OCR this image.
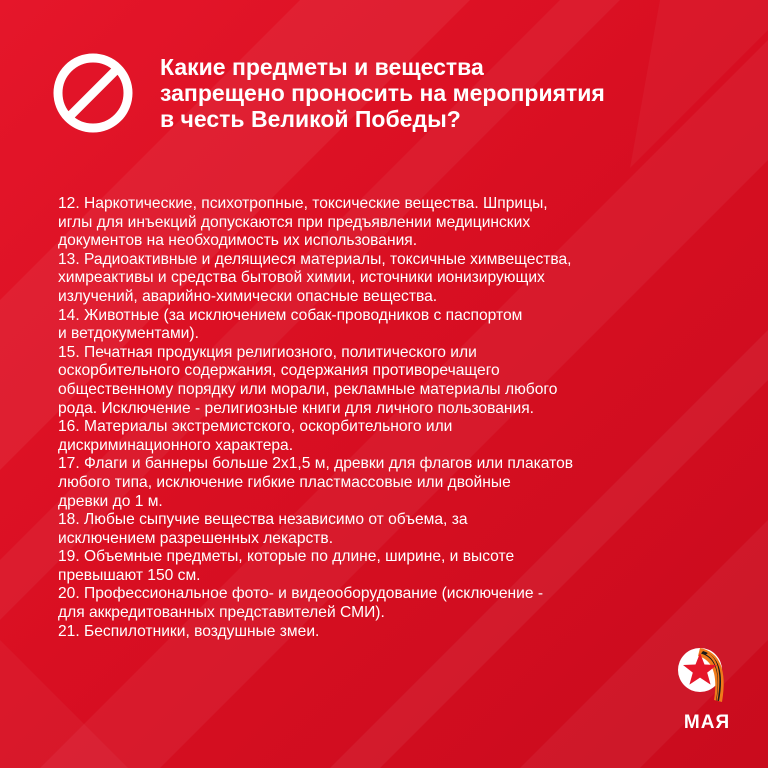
Какие предметы и вещества
запрещено проносить на мероприятия
в честь Великой Победы?
12. Наркотические, психотропные, токсические вещества. Шприцы,
иглы для инъекций допускаются при предъявлении медицинских
документов на необходимость их использования.
13. Радиоактивные и делящиеся материалы, токсичные химвещества,
химреактивы и средства бытовой химии, источники ионизирующих
излучений, аварийно-химически опасные вещества.
14. Животные (за исключением собак-проводников с паспортом
и ветдокументами).
15. Печатная продукция религиозного, политического или
оскорбительного содержания, содержания противоречащего
общественному порядку или морали, рекламные материалы любого
рода. Исключение - религиозные книги для личного пользования.
16. Материалы экстремистского, оскорбительного или
дискриминационного характера.
17. Флаги и баннеры больше 2х1,5 м, древки для флагов или плакатов
любого типа, исключение гибкие пластмассовые или двойные
древки до 1 м.
18. Любые сыпучие вещества независимо от объема, за
исключением разрешенных лекарств.
19. Объемные предметы, которые по длине, ширине, и высоте
превышают 150 см.
20. Профессиональное фото- и видеооборудование (исключение -
для аккредитованных представителей СМИ).
21. Беспилотники, воздушные змеи.
МАЯ
